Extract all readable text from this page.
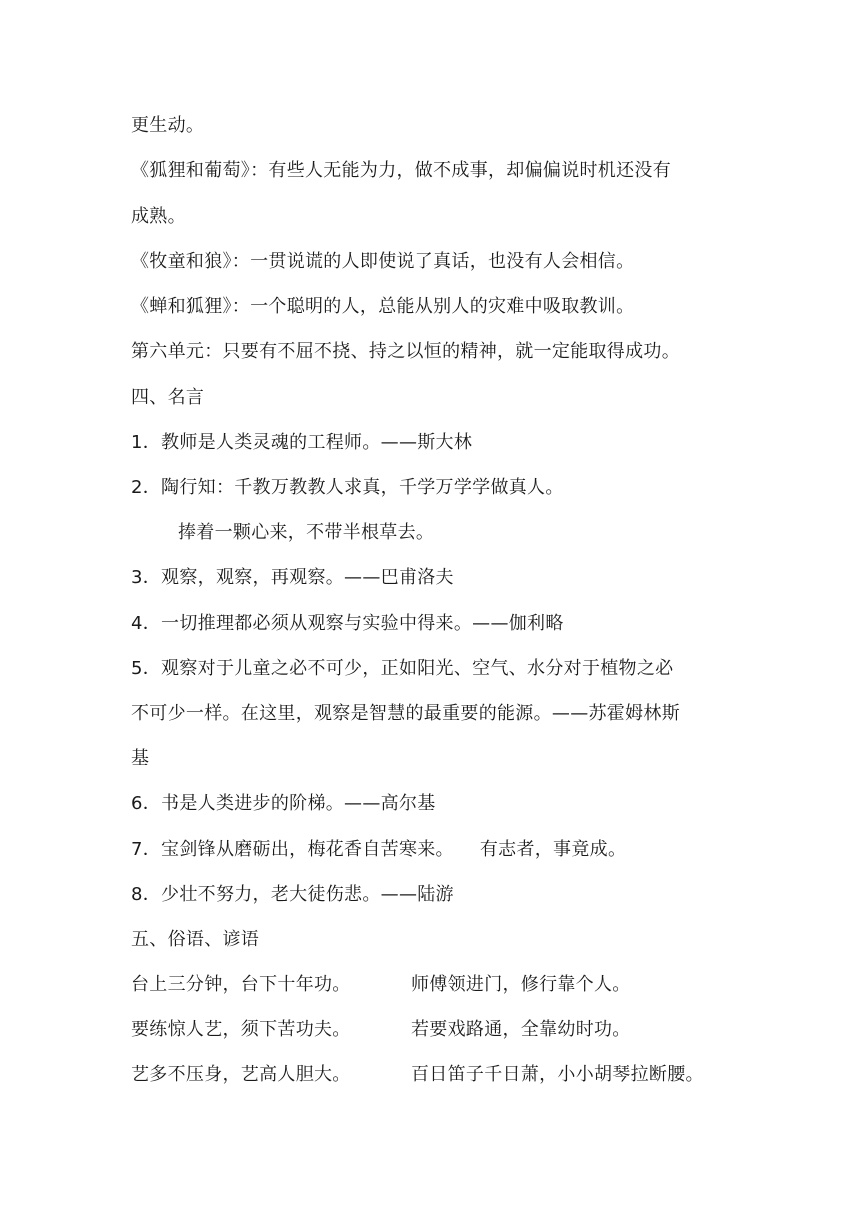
更生动。
《狐狸和葡萄》：有些人无能为力，做不成事，却偏偏说时机还没有
成熟。
《牧童和狼》：一贯说谎的人即使说了真话，也没有人会相信。
《蝉和狐狸》：一个聪明的人，总能从别人的灾难中吸取教训。
第六单元：只要有不屈不挠、持之以恒的精神，就一定能取得成功。
四、名言
1．教师是人类灵魂的工程师。——斯大林
2．陶行知：千教万教教人求真，千学万学学做真人。
捧着一颗心来，不带半根草去。
3．观察，观察，再观察。——巴甫洛夫
4．一切推理都必须从观察与实验中得来。——伽利略
5．观察对于儿童之必不可少，正如阳光、空气、水分对于植物之必
不可少一样。在这里，观察是智慧的最重要的能源。——苏霍姆林斯
基
6．书是人类进步的阶梯。——高尔基
7．宝剑锋从磨砺出，梅花香自苦寒来。 有志者，事竟成。
8．少壮不努力，老大徒伤悲。——陆游
五、俗语、谚语
台上三分钟，台下十年功。	师傅领进门，修行靠个人。
要练惊人艺，须下苦功夫。	若要戏路通，全靠幼时功。
艺多不压身，艺高人胆大。	百日笛子千日萧，小小胡琴拉断腰。
